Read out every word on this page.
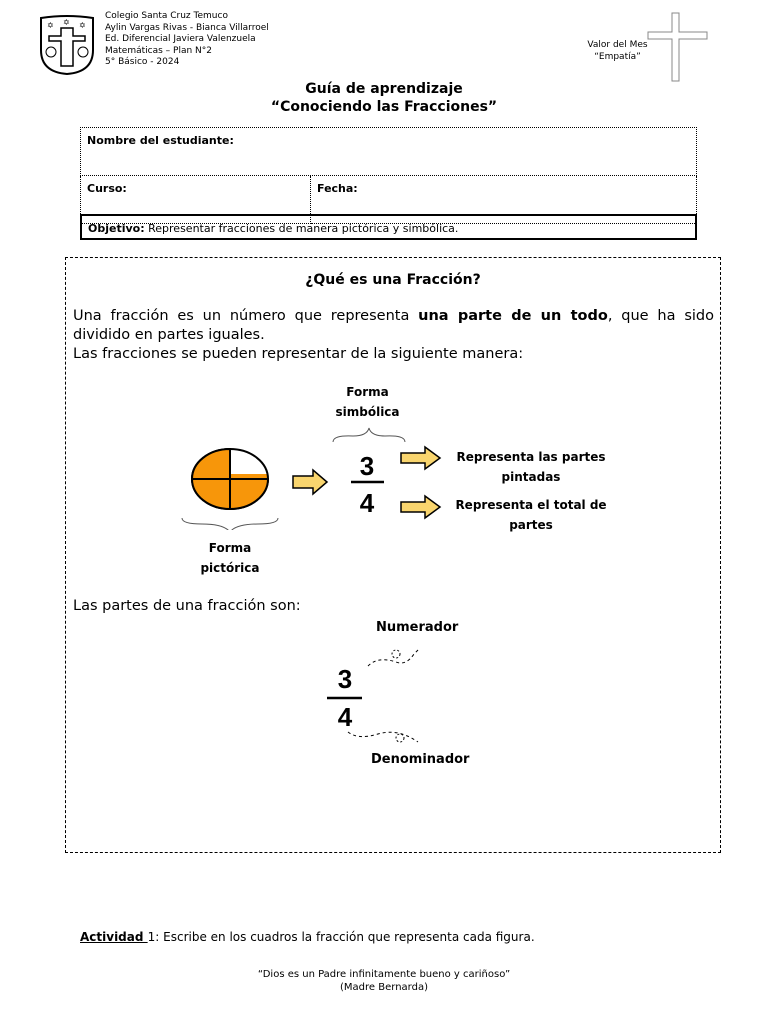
✡ ✡ ✡
Colegio Santa Cruz Temuco
Aylin Vargas Rivas - Bianca Villarroel
Ed. Diferencial Javiera Valenzuela
Matemáticas – Plan N°2
5° Básico - 2024
Valor del Mes
“Empatía”
Guía de aprendizaje
“Conociendo las Fracciones”
Nombre del estudiante:
Curso:	Fecha:
Objetivo: Representar fracciones de manera pictórica y simbólica.
¿Qué es una Fracción?
Una fracción es un número que representa una parte de un todo, que ha sido dividido en partes iguales.
Las fracciones se pueden representar de la siguiente manera:
Forma simbólica
3
4
Representa las partes pintadas
Representa el total de partes
Forma pictórica
Las partes de una fracción son:
Numerador
Denominador
3
4
Actividad 1: Escribe en los cuadros la fracción que representa cada figura.
“Dios es un Padre infinitamente bueno y cariñoso”
(Madre Bernarda)
